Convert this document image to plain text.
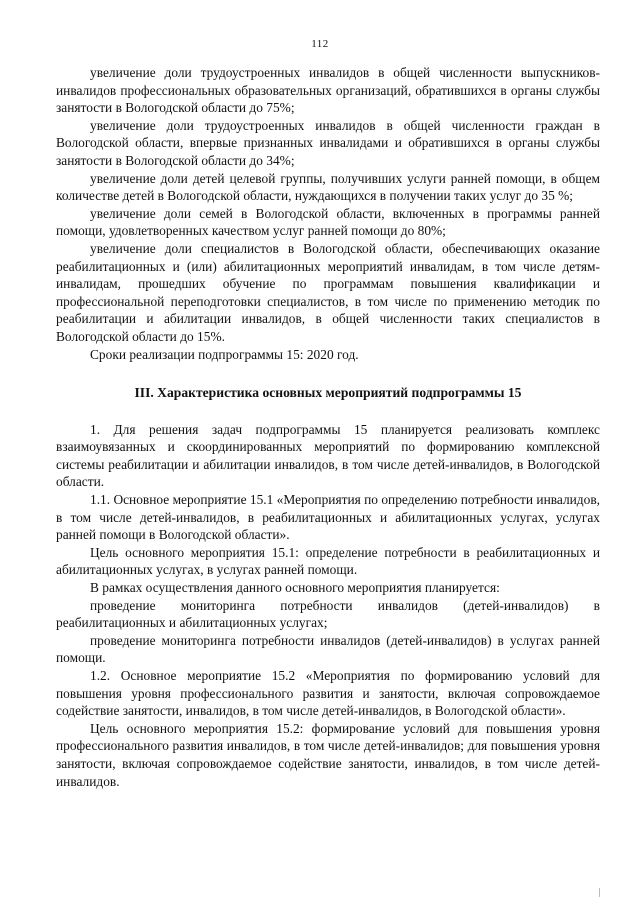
112

увеличение доли трудоустроенных инвалидов в общей численности выпускников-инвалидов профессиональных образовательных организаций, обратившихся в органы службы занятости в Вологодской области до 75%;

увеличение доли трудоустроенных инвалидов в общей численности граждан в Вологодской области, впервые признанных инвалидами и обратившихся в органы службы занятости в Вологодской области до 34%;

увеличение доли детей целевой группы, получивших услуги ранней помощи, в общем количестве детей в Вологодской области, нуждающихся в получении таких услуг до 35 %;

увеличение доли семей в Вологодской области, включенных в программы ранней помощи, удовлетворенных качеством услуг ранней помощи до 80%;

увеличение доли специалистов в Вологодской области, обеспечивающих оказание реабилитационных и (или) абилитационных мероприятий инвалидам, в том числе детям-инвалидам, прошедших обучение по программам повышения квалификации и профессиональной переподготовки специалистов, в том числе по применению методик по реабилитации и абилитации инвалидов, в общей численности таких специалистов в Вологодской области до 15%.

Сроки реализации подпрограммы 15: 2020 год.

III. Характеристика основных мероприятий подпрограммы 15

1. Для решения задач подпрограммы 15 планируется реализовать комплекс взаимоувязанных и скоординированных мероприятий по формированию комплексной системы реабилитации и абилитации инвалидов, в том числе детей-инвалидов, в Вологодской области.

1.1. Основное мероприятие 15.1 «Мероприятия по определению потребности инвалидов, в том числе детей-инвалидов, в реабилитационных и абилитационных услугах, услугах ранней помощи в Вологодской области».

Цель основного мероприятия 15.1: определение потребности в реабилитационных и абилитационных услугах, в услугах ранней помощи.

В рамках осуществления данного основного мероприятия планируется:

проведение мониторинга потребности инвалидов (детей-инвалидов) в реабилитационных и абилитационных услугах;

проведение мониторинга потребности инвалидов (детей-инвалидов) в услугах ранней помощи.

1.2. Основное мероприятие 15.2 «Мероприятия по формированию условий для повышения уровня профессионального развития и занятости, включая сопровождаемое содействие занятости, инвалидов, в том числе детей-инвалидов, в Вологодской области».

Цель основного мероприятия 15.2: формирование условий для повышения уровня профессионального развития инвалидов, в том числе детей-инвалидов; для повышения уровня занятости, включая сопровождаемое содействие занятости, инвалидов, в том числе детей-инвалидов.
